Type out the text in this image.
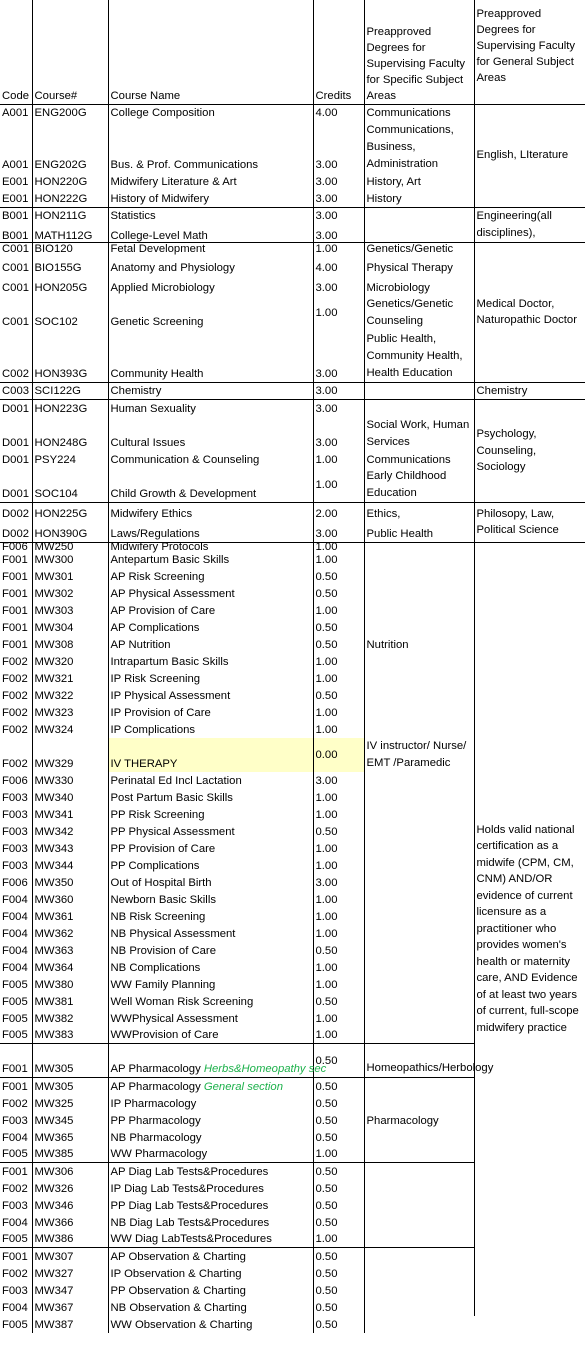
Code	Course#	Course Name	Credits	Preapproved Degrees for Supervising Faculty for Specific Subject Areas	Preapproved Degrees for Supervising Faculty for General Subject Areas
A001	ENG200G	College Composition	4.00	Communications	English, LIterature
A001	ENG202G	Bus. & Prof. Communications	3.00	Communications, Business, Administration	
E001	HON220G	Midwifery Literature & Art	3.00	History, Art	
E001	HON222G	History of Midwifery	3.00	History	
B001	HON211G	Statistics	3.00		Engineering(all disciplines),
B001	MATH112G	College-Level Math	3.00		
C001	BIO120	Fetal Development	1.00	Genetics/Genetic	Medical Doctor, Naturopathic Doctor
C001	BIO155G	Anatomy and Physiology	4.00	Physical Therapy	
C001	HON205G	Applied Microbiology	3.00	Microbiology	
C001	SOC102	Genetic Screening	1.00	Genetics/Genetic Counseling	
C002	HON393G	Community Health	3.00	Public Health, Community Health, Health Education	
C003	SCI122G	Chemistry	3.00		Chemistry
D001	HON223G	Human Sexuality	3.00		Psychology, Counseling, Sociology
D001	HON248G	Cultural Issues	3.00	Social Work, Human Services	
D001	PSY224	Communication & Counseling	1.00	Communications	
D001	SOC104	Child Growth & Development	1.00	Early Childhood Education	
D002	HON225G	Midwifery Ethics	2.00	Ethics,	Philosopy, Law, Political Science
D002	HON390G	Laws/Regulations	3.00	Public Health	
F006	MW250	Midwifery Protocols	1.00		Holds valid national certification as a midwife (CPM, CM, CNM) AND/OR evidence of current licensure as a practitioner who provides women's health or maternity care, AND Evidence of at least two years of current, full-scope midwifery practice
F001	MW300	Antepartum Basic Skills	1.00		
F001	MW301	AP Risk Screening	0.50		
F001	MW302	AP Physical Assessment	0.50		
F001	MW303	AP Provision of Care	1.00		
F001	MW304	AP Complications	0.50		
F001	MW308	AP Nutrition	0.50	Nutrition	
F002	MW320	Intrapartum Basic Skills	1.00		
F002	MW321	IP Risk Screening	1.00		
F002	MW322	IP Physical Assessment	0.50		
F002	MW323	IP Provision of Care	1.00		
F002	MW324	IP Complications	1.00		
F002	MW329	IV THERAPY	0.00	IV instructor/ Nurse/ EMT /Paramedic	
F006	MW330	Perinatal Ed Incl Lactation	3.00		
F003	MW340	Post Partum Basic Skills	1.00		
F003	MW341	PP Risk Screening	1.00		
F003	MW342	PP Physical Assessment	0.50		
F003	MW343	PP Provision of Care	1.00		
F003	MW344	PP Complications	1.00		
F006	MW350	Out of Hospital Birth	3.00		
F004	MW360	Newborn Basic Skills	1.00		
F004	MW361	NB Risk Screening	1.00		
F004	MW362	NB Physical Assessment	1.00		
F004	MW363	NB Provision of Care	0.50		
F004	MW364	NB Complications	1.00		
F005	MW380	WW Family Planning	1.00		
F005	MW381	Well Woman Risk Screening	0.50		
F005	MW382	WWPhysical Assessment	1.00		
F005	MW383	WWProvision of Care	1.00		
F001	MW305	AP Pharmacology Herbs&Homeopathy sec	0.50	Homeopathics/Herbology	
F001	MW305	AP Pharmacology General section	0.50		
F002	MW325	IP Pharmacology	0.50		
F003	MW345	PP Pharmacology	0.50	Pharmacology	
F004	MW365	NB Pharmacology	0.50		
F005	MW385	WW Pharmacology	1.00		
F001	MW306	AP Diag Lab Tests&Procedures	0.50		
F002	MW326	IP Diag Lab Tests&Procedures	0.50		
F003	MW346	PP Diag Lab Tests&Procedures	0.50		
F004	MW366	NB Diag Lab Tests&Procedures	0.50		
F005	MW386	WW Diag LabTests&Procedures	1.00		
F001	MW307	AP Observation & Charting	0.50		
F002	MW327	IP Observation & Charting	0.50		
F003	MW347	PP Observation & Charting	0.50		
F004	MW367	NB Observation & Charting	0.50		
F005	MW387	WW Observation & Charting	0.50		
